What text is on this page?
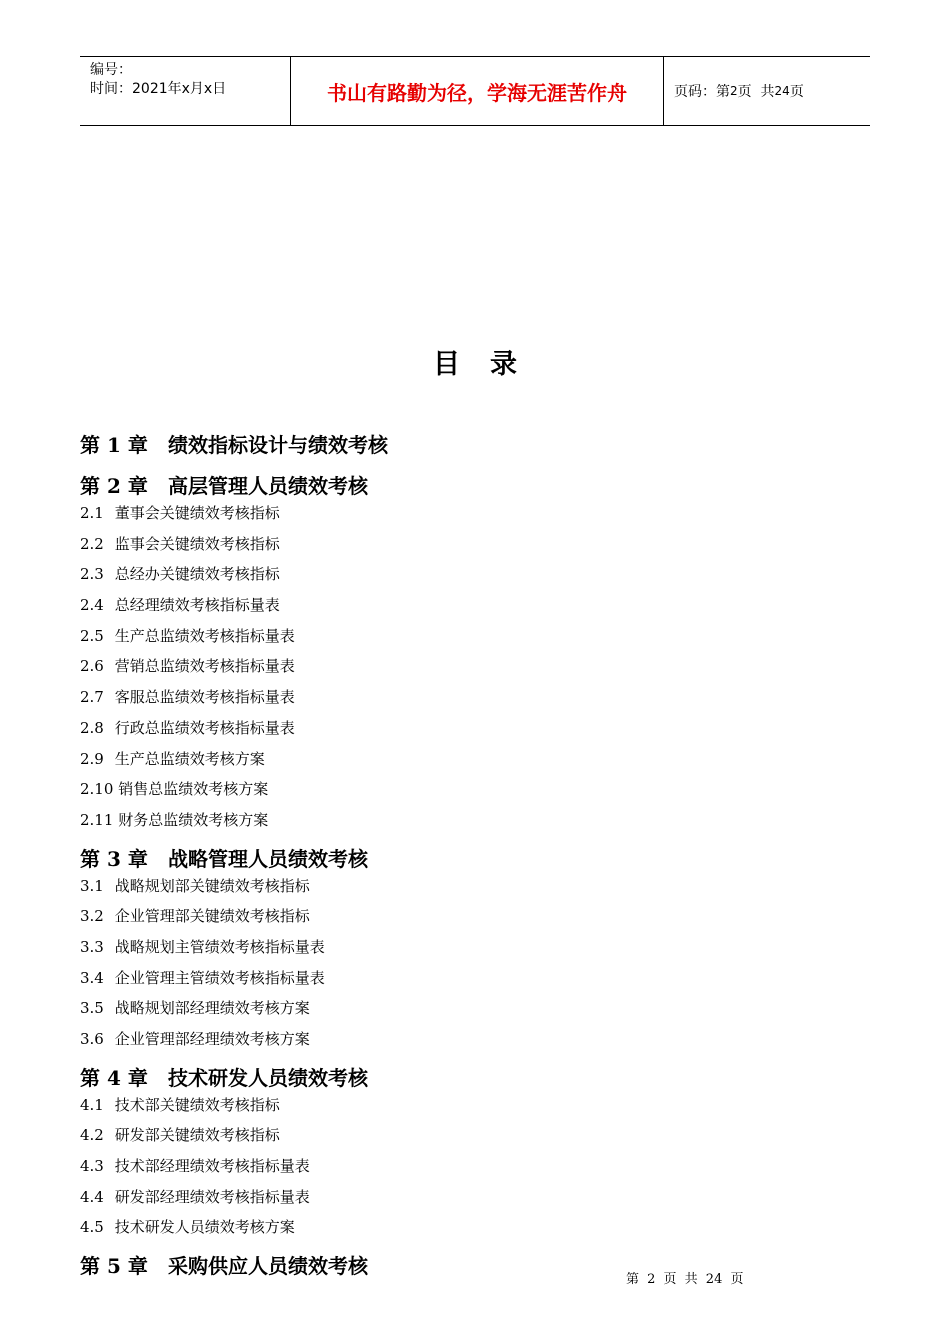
编号：
时间：2021年x月x日	书山有路勤为径，学海无涯苦作舟	页码：第 2 页  共 24 页
目录
第 1 章 绩效指标设计与绩效考核
第 2 章 高层管理人员绩效考核
2.1 董事会关键绩效考核指标
2.2 监事会关键绩效考核指标
2.3 总经办关键绩效考核指标
2.4 总经理绩效考核指标量表
2.5 生产总监绩效考核指标量表
2.6 营销总监绩效考核指标量表
2.7 客服总监绩效考核指标量表
2.8 行政总监绩效考核指标量表
2.9 生产总监绩效考核方案
2.10 销售总监绩效考核方案
2.11 财务总监绩效考核方案
第 3 章 战略管理人员绩效考核
3.1 战略规划部关键绩效考核指标
3.2 企业管理部关键绩效考核指标
3.3 战略规划主管绩效考核指标量表
3.4 企业管理主管绩效考核指标量表
3.5 战略规划部经理绩效考核方案
3.6 企业管理部经理绩效考核方案
第 4 章 技术研发人员绩效考核
4.1 技术部关键绩效考核指标
4.2 研发部关键绩效考核指标
4.3 技术部经理绩效考核指标量表
4.4 研发部经理绩效考核指标量表
4.5 技术研发人员绩效考核方案
第 5 章 采购供应人员绩效考核
第 2 页 共 24 页
